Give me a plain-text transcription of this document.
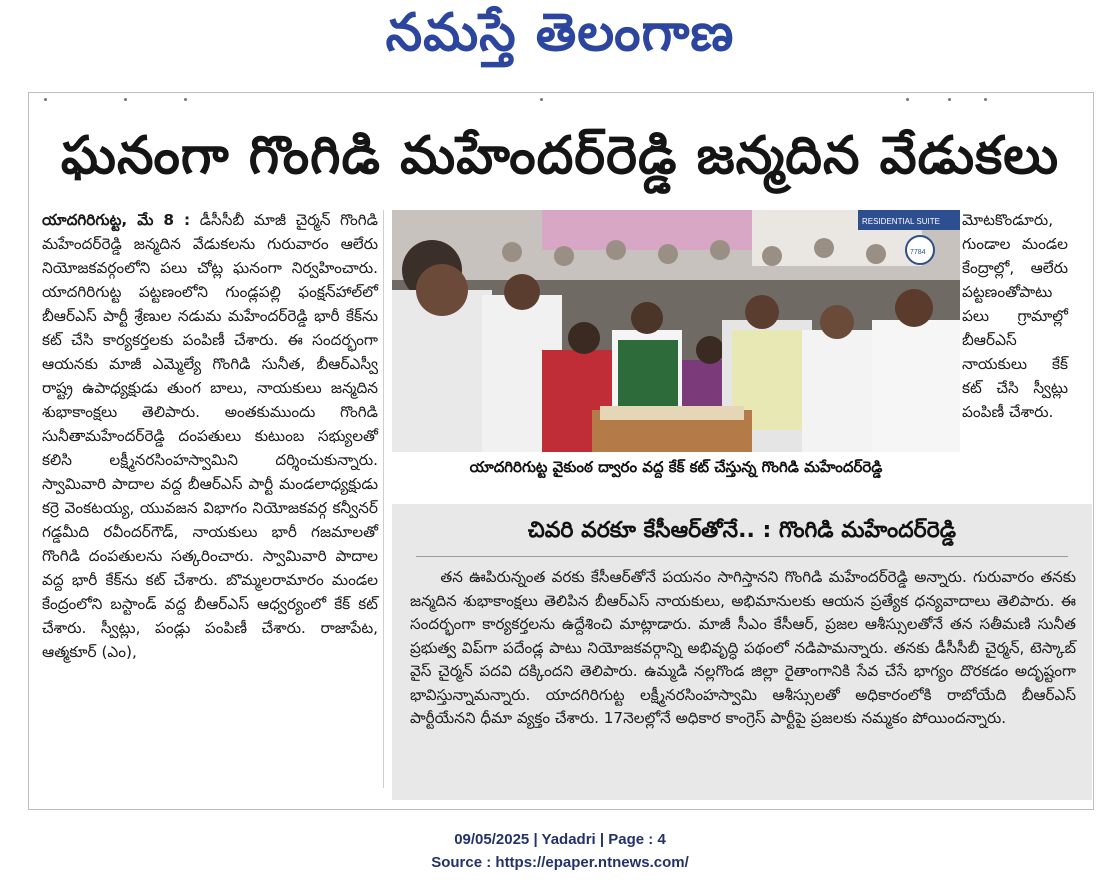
నమస్తే తెలంగాణ
ఘనంగా గొంగిడి మహేందర్‌రెడ్డి జన్మదిన వేడుకలు
యాదగిరిగుట్ట, మే 8 : డీసీసీబీ మాజీ చైర్మన్‌ గొంగిడి మహేందర్‌రెడ్డి జన్మదిన వేడుకలను గురువారం ఆలేరు నియోజకవర్గంలోని పలు చోట్ల ఘనంగా నిర్వహించారు. యాదగిరిగుట్ట పట్టణంలోని గుండ్లపల్లి ఫంక్షన్‌హాల్‌లో బీఆర్‌ఎస్‌ పార్టీ శ్రేణుల నడుమ మహేందర్‌రెడ్డి భారీ కేక్‌ను కట్‌ చేసి కార్యకర్తలకు పంపిణీ చేశారు. ఈ సందర్భంగా ఆయనకు మాజీ ఎమ్మెల్యే గొంగిడి సునీత, బీఆర్‌ఎస్వీ రాష్ట్ర ఉపాధ్యక్షుడు తుంగ బాలు, నాయకులు జన్మదిన శుభాకాంక్షలు తెలిపారు. అంతకుముందు గొంగిడి సునీతామహేందర్‌రెడ్డి దంపతులు కుటుంబ సభ్యులతో కలిసి లక్ష్మీనరసింహస్వామిని దర్శించుకున్నారు. స్వామివారి పాదాల వద్ద బీఆర్‌ఎస్‌ పార్టీ మండలాధ్యక్షుడు కర్రె వెంకటయ్య, యువజన విభాగం నియోజకవర్గ కన్వీనర్‌ గడ్డమీది రవీందర్‌గౌడ్‌, నాయకులు భారీ గజమాలతో గొంగిడి దంపతులను సత్కరించారు. స్వామివారి పాదాల వద్ద భారీ కేక్‌ను కట్‌ చేశారు. బొమ్మలరామారం మండల కేంద్రంలోని బస్టాండ్‌ వద్ద బీఆర్‌ఎస్‌ ఆధ్వర్యంలో కేక్‌ కట్‌ చేశారు. స్వీట్లు, పండ్లు పంపిణీ చేశారు. రాజాపేట, ఆత్మకూర్‌ (ఎం),
RESIDENTIAL SUITE
7784
యాదగిరిగుట్ట వైకుంఠ ద్వారం వద్ద కేక్‌ కట్‌ చేస్తున్న గొంగిడి మహేందర్‌రెడ్డి
మోటకొండూరు, గుండాల మండల కేంద్రాల్లో, ఆలేరు పట్టణంతోపాటు పలు గ్రామాల్లో బీఆర్‌ఎస్‌ నాయకులు కేక్‌ కట్‌ చేసి స్వీట్లు పంపిణీ చేశారు.
చివరి వరకూ కేసీఆర్‌తోనే.. : గొంగిడి మహేందర్‌రెడ్డి
తన ఊపిరున్నంత వరకు కేసీఆర్‌తోనే పయనం సాగిస్తానని గొంగిడి మహేందర్‌రెడ్డి అన్నారు. గురువారం తనకు జన్మదిన శుభాకాంక్షలు తెలిపిన బీఆర్‌ఎస్‌ నాయకులు, అభిమానులకు ఆయన ప్రత్యేక ధన్యవాదాలు తెలిపారు. ఈ సందర్భంగా కార్యకర్తలను ఉద్దేశించి మాట్లాడారు. మాజీ సీఎం కేసీఆర్‌, ప్రజల ఆశీస్సులతోనే తన సతీమణి సునీత ప్రభుత్వ విప్‌గా పదేండ్ల పాటు నియోజకవర్గాన్ని అభివృద్ధి పథంలో నడిపామన్నారు. తనకు డీసీసీబీ చైర్మన్‌, టెస్కాబ్‌ వైస్‌ చైర్మన్‌ పదవి దక్కిందని తెలిపారు. ఉమ్మడి నల్లగొండ జిల్లా రైతాంగానికి సేవ చేసే భాగ్యం దొరకడం అదృష్టంగా భావిస్తున్నామన్నారు. యాదగిరిగుట్ట లక్ష్మీనరసింహస్వామి ఆశీస్సులతో అధికారంలోకి రాబోయేది బీఆర్‌ఎస్‌ పార్టీయేనని ధీమా వ్యక్తం చేశారు. 17నెలల్లోనే అధికార కాంగ్రెస్‌ పార్టీపై ప్రజలకు నమ్మకం పోయిందన్నారు.
09/05/2025 | Yadadri | Page : 4
Source : https://epaper.ntnews.com/
